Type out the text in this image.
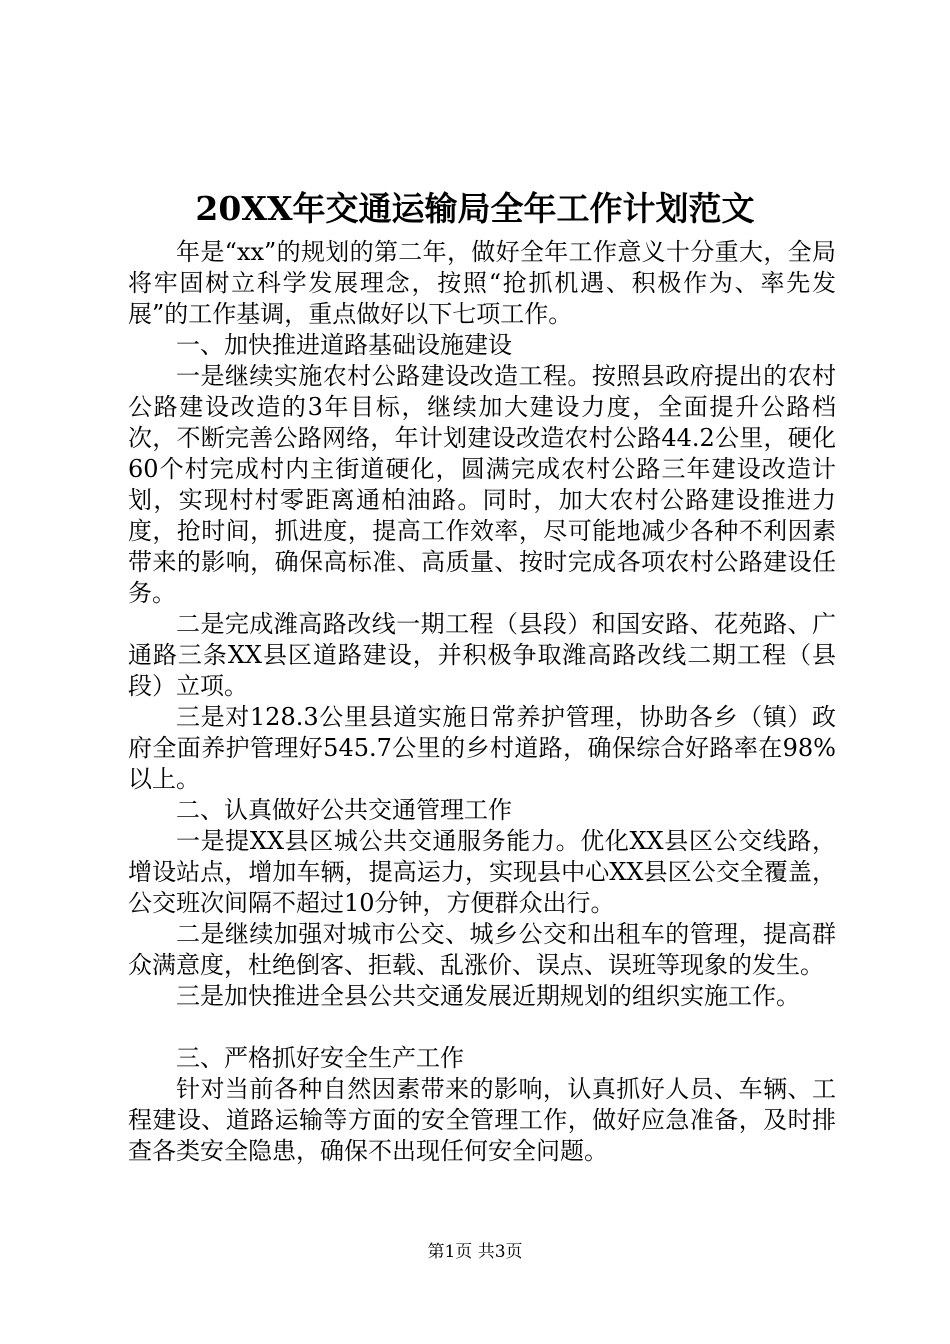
20XX年交通运输局全年工作计划范文

年是“xx”的规划的第二年，做好全年工作意义十分重大，全局将牢固树立科学发展理念，按照“抢抓机遇、积极作为、率先发展”的工作基调，重点做好以下七项工作。

一、加快推进道路基础设施建设

一是继续实施农村公路建设改造工程。按照县政府提出的农村公路建设改造的3年目标，继续加大建设力度，全面提升公路档次，不断完善公路网络，年计划建设改造农村公路44.2公里，硬化60个村完成村内主街道硬化，圆满完成农村公路三年建设改造计划，实现村村零距离通柏油路。同时，加大农村公路建设推进力度，抢时间，抓进度，提高工作效率，尽可能地减少各种不利因素带来的影响，确保高标准、高质量、按时完成各项农村公路建设任务。

二是完成潍高路改线一期工程（县段）和国安路、花苑路、广通路三条XX县区道路建设，并积极争取潍高路改线二期工程（县段）立项。

三是对128.3公里县道实施日常养护管理，协助各乡（镇）政府全面养护管理好545.7公里的乡村道路，确保综合好路率在98%以上。

二、认真做好公共交通管理工作

一是提XX县区城公共交通服务能力。优化XX县区公交线路，增设站点，增加车辆，提高运力，实现县中心XX县区公交全覆盖，公交班次间隔不超过10分钟，方便群众出行。

二是继续加强对城市公交、城乡公交和出租车的管理，提高群众满意度，杜绝倒客、拒载、乱涨价、误点、误班等现象的发生。

三是加快推进全县公共交通发展近期规划的组织实施工作。

三、严格抓好安全生产工作

针对当前各种自然因素带来的影响，认真抓好人员、车辆、工程建设、道路运输等方面的安全管理工作，做好应急准备，及时排查各类安全隐患，确保不出现任何安全问题。

第1页 共3页
